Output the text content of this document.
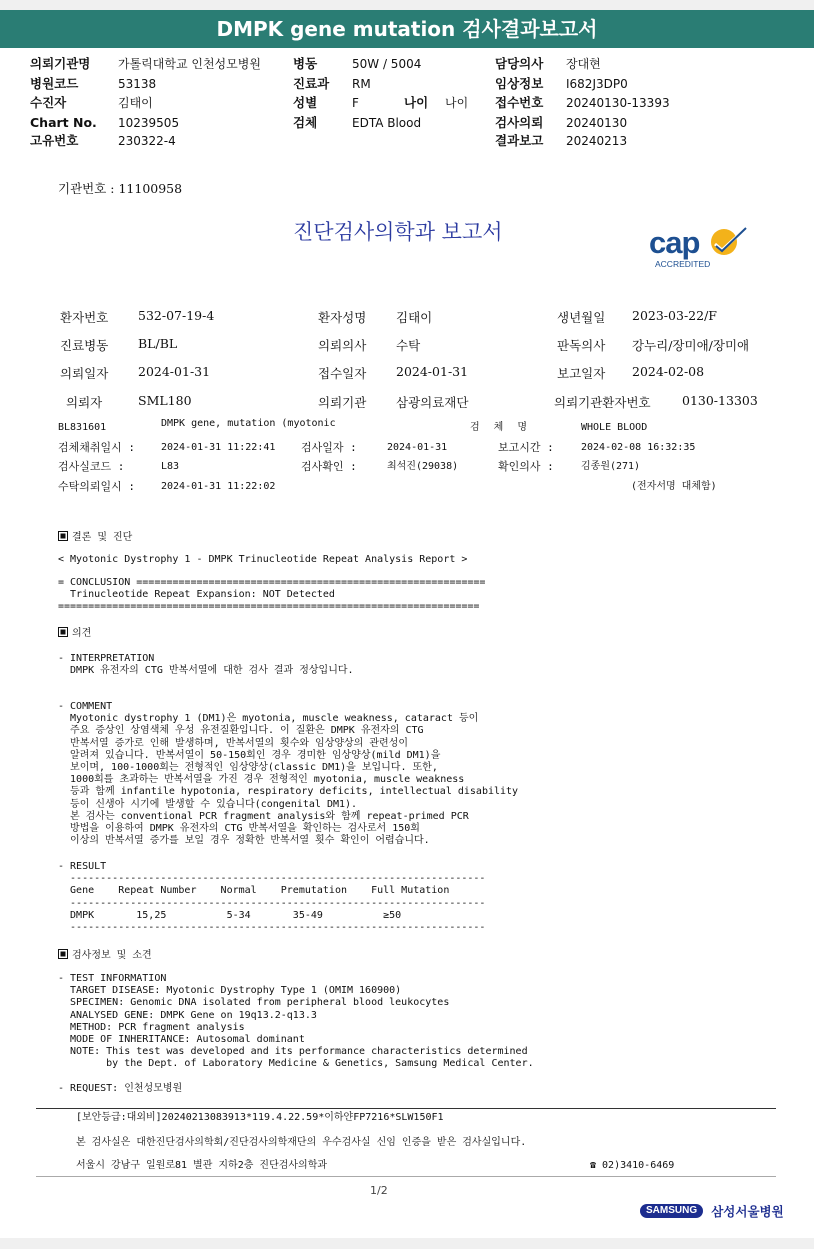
DMPK gene mutation 검사결과보고서
의뢰기관명 가톨릭대학교 인천성모병원
병원코드	53138
수진자	김태이
Chart No. 10239505
고유번호	230322-4
병동	50W / 5004
진료과 RM
성별	F	나이 나이
검체	EDTA Blood
담당의사 장대현
임상정보 I682J3DP0
접수번호 20240130-13393
검사의뢰 20240130
결과보고 20240213
기관번호 : 11100958
진단검사의학과 보고서	cap
ACCREDITED
환자번호 532-07-19-4	환자성명 김태이	생년월일 2023-03-22/F
진료병동 BL/BL	의뢰의사 수탁	판독의사 강누리/장미애/장미애
의뢰일자 2024-01-31	접수일자 2024-01-31	보고일자 2024-02-08
의뢰자	SML180	의뢰기관 삼광의료재단	의뢰기관환자번호	0130-13303
BL831601	DMPK gene, mutation (myotonic	검 체 명	WHOLE BLOOD
검체채취일시 :	2024-01-31 11:22:41 검사일자 :	2024-01-31	보고시간 :	2024-02-08 16:32:35
검사실코드 :	L83	검사확인 :	최석진(29038)	확인의사 :	김종원(271)
수탁의뢰일시 :	2024-01-31 11:22:02	(전자서명 대체함)
결론 및 진단
< Myotonic Dystrophy 1 - DMPK Trinucleotide Repeat Analysis Report >
= CONCLUSION ==========================================================
Trinucleotide Repeat Expansion: NOT Detected
======================================================================
의견
- INTERPRETATION
DMPK 유전자의 CTG 반복서열에 대한 검사 결과 정상입니다.
- COMMENT
Myotonic dystrophy 1 (DM1)은 myotonia, muscle weakness, cataract 등이
주요 증상인 상염색체 우성 유전질환입니다. 이 질환은 DMPK 유전자의 CTG
반복서열 증가로 인해 발생하며, 반복서열의 횟수와 임상양상의 관련성이
알려져 있습니다. 반복서열이 50-150회인 경우 경미한 임상양상(mild DM1)을
보이며, 100-1000회는 전형적인 임상양상(classic DM1)을 보입니다. 또한,
1000회를 초과하는 반복서열을 가진 경우 전형적인 myotonia, muscle weakness
등과 함께 infantile hypotonia, respiratory deficits, intellectual disability
등이 신생아 시기에 발생할 수 있습니다(congenital DM1).
본 검사는 conventional PCR fragment analysis와 함께 repeat-primed PCR
방법을 이용하여 DMPK 유전자의 CTG 반복서열을 확인하는 검사로서 150회
이상의 반복서열 증가를 보일 경우 정확한 반복서열 횟수 확인이 어렵습니다.
- RESULT
---------------------------------------------------------------------
Gene    Repeat Number    Normal    Premutation    Full Mutation
---------------------------------------------------------------------
DMPK       15,25          5-34       35-49          ≥50
---------------------------------------------------------------------
검사정보 및 소견
- TEST INFORMATION
TARGET DISEASE: Myotonic Dystrophy Type 1 (OMIM 160900)
SPECIMEN: Genomic DNA isolated from peripheral blood leukocytes
ANALYSED GENE: DMPK Gene on 19q13.2-q13.3
METHOD: PCR fragment analysis
MODE OF INHERITANCE: Autosomal dominant
NOTE: This test was developed and its performance characteristics determined
by the Dept. of Laboratory Medicine & Genetics, Samsung Medical Center.
- REQUEST: 인천성모병원
[보안등급:대외비]20240213083913*119.4.22.59*이하얀FP7216*SLW150F1
본 검사실은 대한진단검사의학회/진단검사의학재단의 우수검사실 신임 인증을 받은 검사실입니다.
서울시 강남구 일원로81 별관 지하2층 진단검사의학과	☎ 02)3410-6469
1/2
SAMSUNG 삼성서울병원
